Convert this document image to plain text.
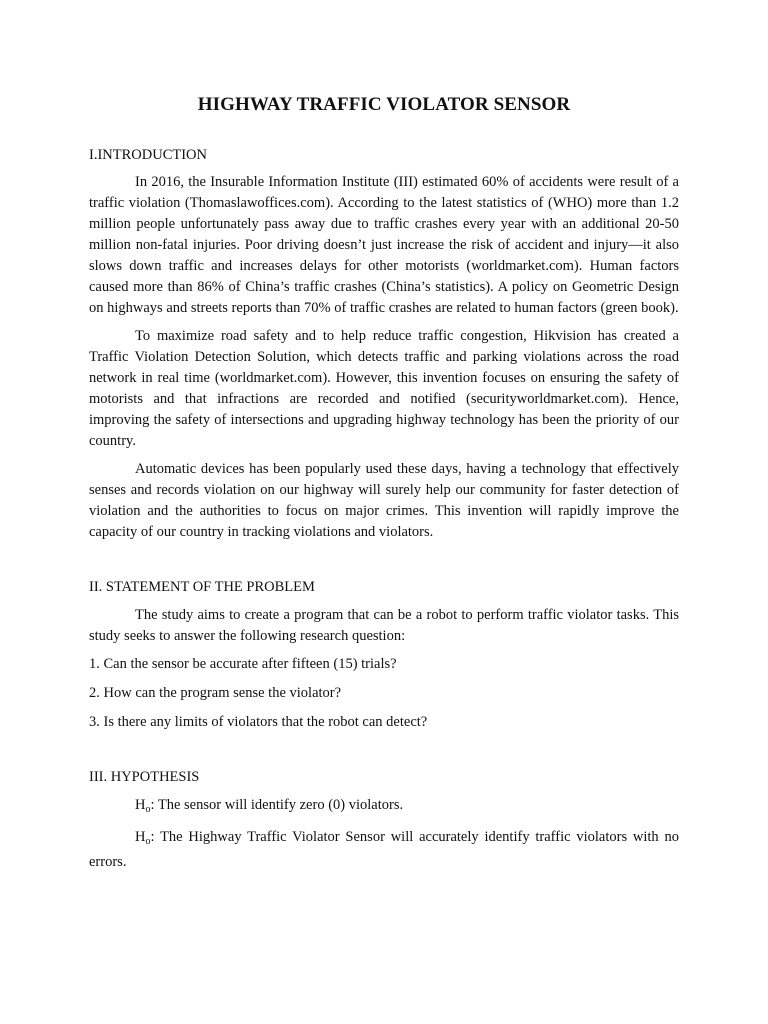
HIGHWAY TRAFFIC VIOLATOR SENSOR
I.INTRODUCTION

In 2016, the Insurable Information Institute (III) estimated 60% of accidents were result of a traffic violation (Thomaslawoffices.com). According to the latest statistics of (WHO) more than 1.2 million people unfortunately pass away due to traffic crashes every year with an additional 20-50 million non-fatal injuries. Poor driving doesn’t just increase the risk of accident and injury—it also slows down traffic and increases delays for other motorists (worldmarket.com). Human factors caused more than 86% of China’s traffic crashes (China’s statistics). A policy on Geometric Design on highways and streets reports than 70% of traffic crashes are related to human factors (green book).

To maximize road safety and to help reduce traffic congestion, Hikvision has created a Traffic Violation Detection Solution, which detects traffic and parking violations across the road network in real time (worldmarket.com). However, this invention focuses on ensuring the safety of motorists and that infractions are recorded and notified (securityworldmarket.com). Hence, improving the safety of intersections and upgrading highway technology has been the priority of our country.

Automatic devices has been popularly used these days, having a technology that effectively senses and records violation on our highway will surely help our community for faster detection of violation and the authorities to focus on major crimes. This invention will rapidly improve the capacity of our country in tracking violations and violators.

II. STATEMENT OF THE PROBLEM

The study aims to create a program that can be a robot to perform traffic violator tasks. This study seeks to answer the following research question:

1. Can the sensor be accurate after fifteen (15) trials?

2. How can the program sense the violator?

3. Is there any limits of violators that the robot can detect?

III. HYPOTHESIS

$H_o$: The sensor will identify zero (0) violators.

$H_o$: The Highway Traffic Violator Sensor will accurately identify traffic violators with no errors.
